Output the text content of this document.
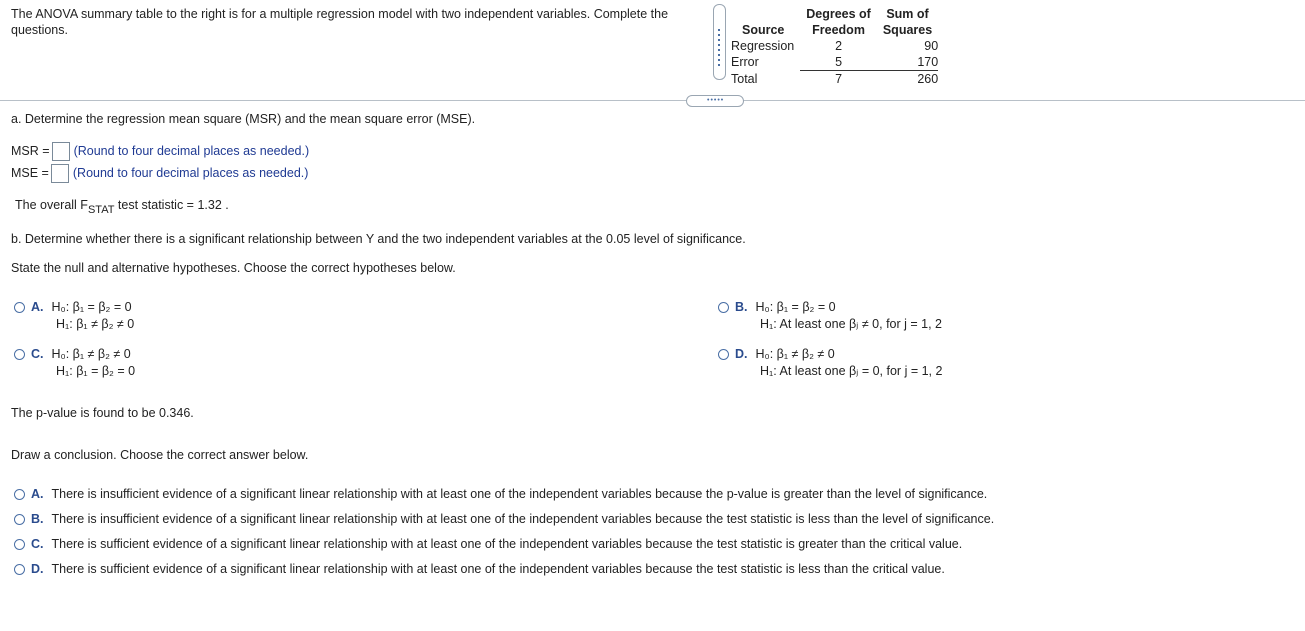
The ANOVA summary table to the right is for a multiple regression model with two independent variables. Complete the questions.
	Degrees of	Sum of
Source	Freedom	Squares
Regression	2	90
Error	5	170
Total	7	260
•••••
a. Determine the regression mean square (MSR) and the mean square error (MSE).
MSR = (Round to four decimal places as needed.)
MSE = (Round to four decimal places as needed.)
The overall FSTAT test statistic = 1.32 .
b. Determine whether there is a significant relationship between Y and the two independent variables at the 0.05 level of significance.
State the null and alternative hypotheses. Choose the correct hypotheses below.
A. H₀: β₁ = β₂ = 0
H₁: β₁ ≠ β₂ ≠ 0
B. H₀: β₁ = β₂ = 0
H₁: At least one βⱼ ≠ 0, for j = 1, 2
C. H₀: β₁ ≠ β₂ ≠ 0
H₁: β₁ = β₂ = 0
D. H₀: β₁ ≠ β₂ ≠ 0
H₁: At least one βⱼ = 0, for j = 1, 2
The p-value is found to be 0.346.
Draw a conclusion. Choose the correct answer below.
A. There is insufficient evidence of a significant linear relationship with at least one of the independent variables because the p-value is greater than the level of significance.
B. There is insufficient evidence of a significant linear relationship with at least one of the independent variables because the test statistic is less than the level of significance.
C. There is sufficient evidence of a significant linear relationship with at least one of the independent variables because the test statistic is greater than the critical value.
D. There is sufficient evidence of a significant linear relationship with at least one of the independent variables because the test statistic is less than the critical value.
